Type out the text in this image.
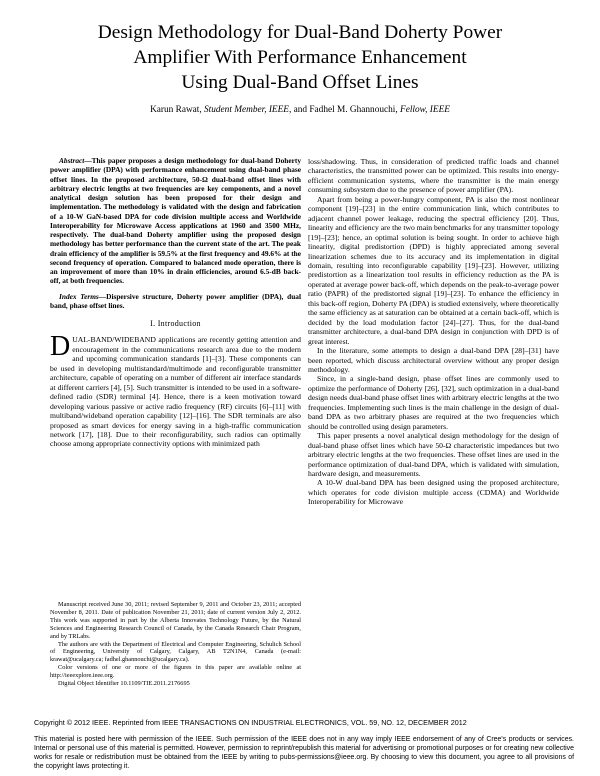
Design Methodology for Dual-Band Doherty Power
Amplifier With Performance Enhancement
Using Dual-Band Offset Lines
Karun Rawat, Student Member, IEEE, and Fadhel M. Ghannouchi, Fellow, IEEE

Abstract—This paper proposes a design methodology for dual-band Doherty power amplifier (DPA) with performance enhancement using dual-band phase offset lines. In the proposed architecture, 50-Ω dual-band offset lines with arbitrary electric lengths at two frequencies are key components, and a novel analytical design solution has been proposed for their design and implementation. The methodology is validated with the design and fabrication of a 10-W GaN-based DPA for code division multiple access and Worldwide Interoperability for Microwave Access applications at 1960 and 3500 MHz, respectively. The dual-band Doherty amplifier using the proposed design methodology has better performance than the current state of the art. The peak drain efficiency of the amplifier is 59.5% at the first frequency and 49.6% at the second frequency of operation. Compared to balanced mode operation, there is an improvement of more than 10% in drain efficiencies, around 6.5-dB back-off, at both frequencies.

Index Terms—Dispersive structure, Doherty power amplifier (DPA), dual band, phase offset lines.

I. Introduction

DUAL-BAND/WIDEBAND applications are recently getting attention and encouragement in the communications research area due to the modern and upcoming communication standards [1]–[3]. These components can be used in developing multistandard/multimode and reconfigurable transmitter architecture, capable of operating on a number of different air interface standards at different carriers [4], [5]. Such transmitter is intended to be used in a software-defined radio (SDR) terminal [4]. Hence, there is a keen motivation toward developing various passive or active radio frequency (RF) circuits [6]–[11] with multiband/wideband operation capability [12]–[16]. The SDR terminals are also proposed as smart devices for energy saving in a high-traffic communication network [17], [18]. Due to their reconfigurability, such radios can optimally choose among appropriate connectivity options with minimized path

Manuscript received June 30, 2011; revised September 9, 2011 and October 23, 2011; accepted November 8, 2011. Date of publication November 21, 2011; date of current version July 2, 2012. This work was supported in part by the Alberta Innovates Technology Future, by the Natural Sciences and Engineering Research Council of Canada, by the Canada Research Chair Program, and by TRLabs.

The authors are with the Department of Electrical and Computer Engineering, Schulich School of Engineering, University of Calgary, Calgary, AB T2N1N4, Canada (e-mail: krawat@ucalgary.ca; fadhel.ghannouchi@ucalgary.ca).

Color versions of one or more of the figures in this paper are available online at http://ieeexplore.ieee.org.

Digital Object Identifier 10.1109/TIE.2011.2176695

loss/shadowing. Thus, in consideration of predicted traffic loads and channel characteristics, the transmitted power can be optimized. This results into energy-efficient communication systems, where the transmitter is the main energy consuming subsystem due to the presence of power amplifier (PA).

Apart from being a power-hungry component, PA is also the most nonlinear component [19]–[23] in the entire communication link, which contributes to adjacent channel power leakage, reducing the spectral efficiency [20]. Thus, linearity and efficiency are the two main benchmarks for any transmitter topology [19]–[23]; hence, an optimal solution is being sought. In order to achieve high linearity, digital predistortion (DPD) is highly appreciated among several linearization schemes due to its accuracy and its implementation in digital domain, resulting into reconfigurable capability [19]–[23]. However, utilizing predistortion as a linearization tool results in efficiency reduction as the PA is operated at average power back-off, which depends on the peak-to-average power ratio (PAPR) of the predistorted signal [19]–[23]. To enhance the efficiency in this back-off region, Doherty PA (DPA) is studied extensively, where theoretically the same efficiency as at saturation can be obtained at a certain back-off, which is decided by the load modulation factor [24]–[27]. Thus, for the dual-band transmitter architecture, a dual-band DPA design in conjunction with DPD is of great interest.

In the literature, some attempts to design a dual-band DPA [28]–[31] have been reported, which discuss architectural overview without any proper design methodology.

Since, in a single-band design, phase offset lines are commonly used to optimize the performance of Doherty [26], [32], such optimization in a dual-band design needs dual-band phase offset lines with arbitrary electric lengths at the two frequencies. Implementing such lines is the main challenge in the design of dual-band DPA as two arbitrary phases are required at the two frequencies which should be controlled using design parameters.

This paper presents a novel analytical design methodology for the design of dual-band phase offset lines which have 50-Ω characteristic impedances but two arbitrary electric lengths at the two frequencies. These offset lines are used in the performance optimization of dual-band DPA, which is validated with simulation, hardware design, and measurements.

A 10-W dual-band DPA has been designed using the proposed architecture, which operates for code division multiple access (CDMA) and Worldwide Interoperability for Microwave

Copyright © 2012 IEEE. Reprinted from IEEE TRANSACTIONS ON INDUSTRIAL ELECTRONICS, VOL. 59, NO. 12, DECEMBER 2012
This material is posted here with permission of the IEEE. Such permission of the IEEE does not in any way imply IEEE endorsement of any of Cree's products or services. Internal or personal use of this material is permitted. However, permission to reprint/republish this material for advertising or promotional purposes or for creating new collective works for resale or redistribution must be obtained from the IEEE by writing to pubs-permissions@ieee.org. By choosing to view this document, you agree to all provisions of the copyright laws protecting it.
